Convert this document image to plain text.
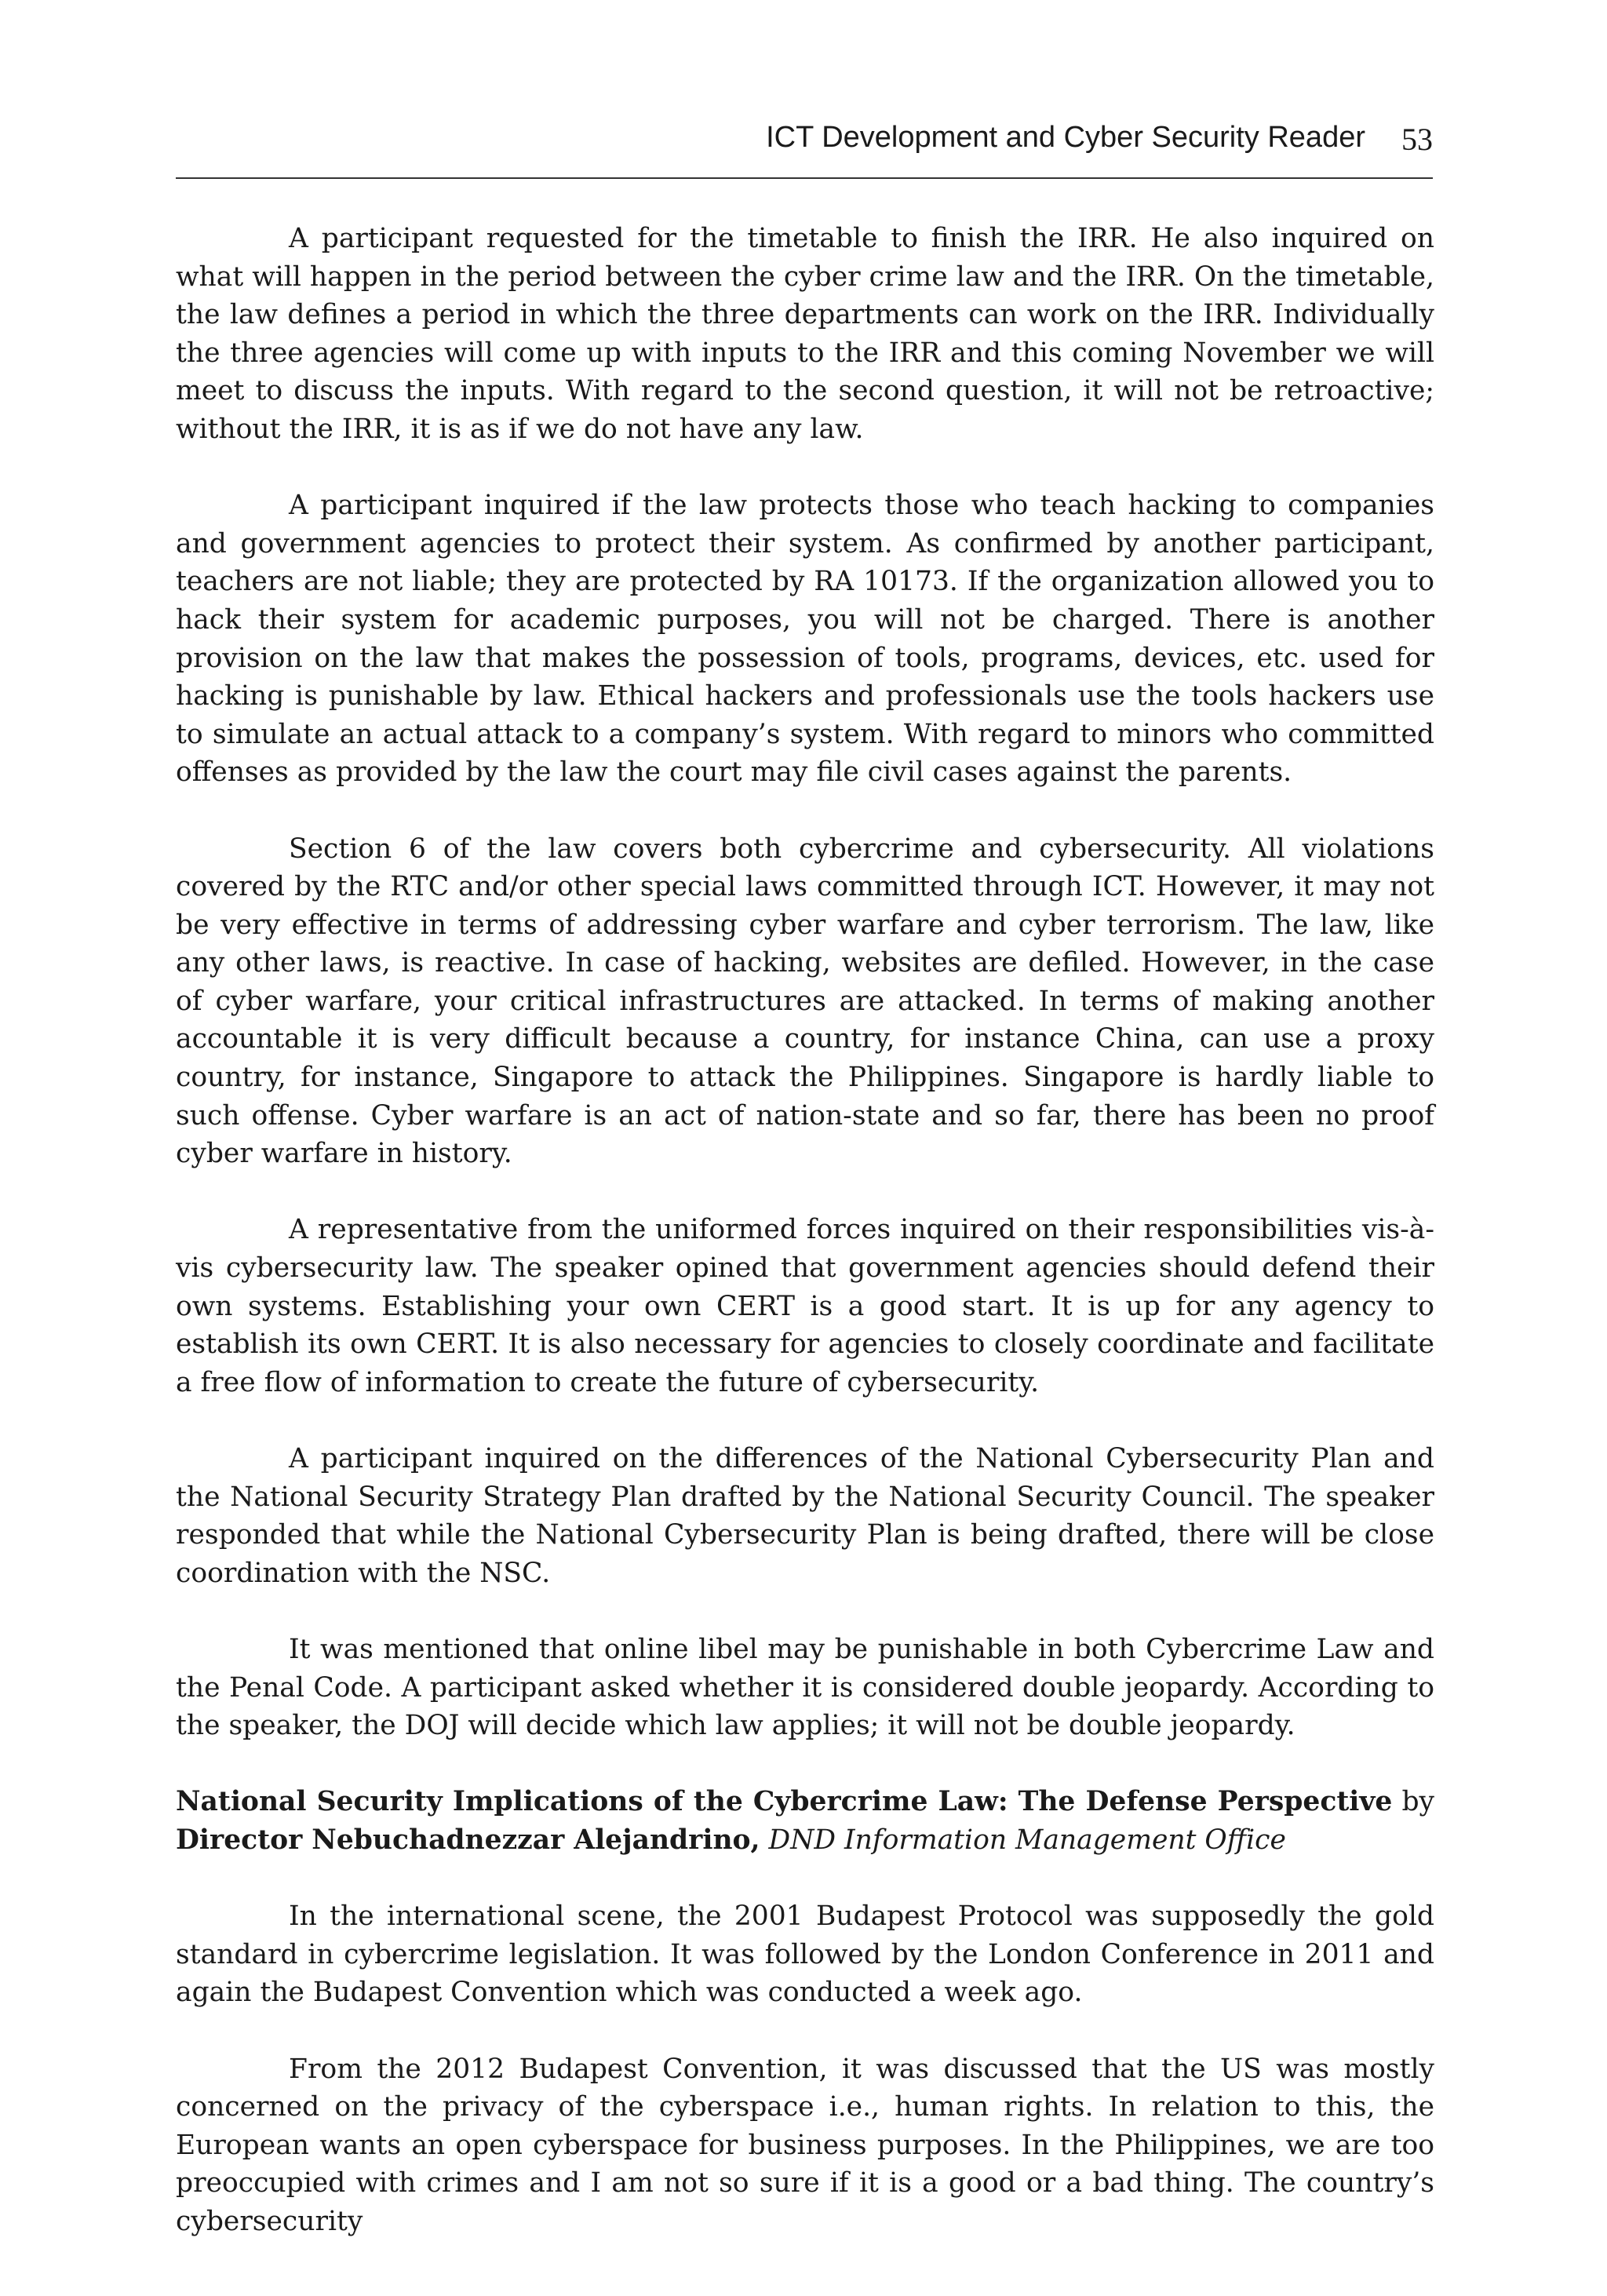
ICT Development and Cyber Security Reader 53

A participant requested for the timetable to finish the IRR. He also inquired on what will happen in the period between the cyber crime law and the IRR. On the timetable, the law defines a period in which the three departments can work on the IRR. Individually the three agencies will come up with inputs to the IRR and this coming November we will meet to discuss the inputs. With regard to the second question, it will not be retroactive; without the IRR, it is as if we do not have any law.

A participant inquired if the law protects those who teach hacking to companies and government agencies to protect their system. As confirmed by another participant, teachers are not liable; they are protected by RA 10173. If the organization allowed you to hack their system for academic purposes, you will not be charged. There is another provision on the law that makes the possession of tools, programs, devices, etc. used for hacking is punishable by law. Ethical hackers and professionals use the tools hackers use to simulate an actual attack to a company’s system. With regard to minors who committed offenses as provided by the law the court may file civil cases against the parents.

Section 6 of the law covers both cybercrime and cybersecurity. All violations covered by the RTC and/or other special laws committed through ICT. However, it may not be very effective in terms of addressing cyber warfare and cyber terrorism. The law, like any other laws, is reactive. In case of hacking, websites are defiled. However, in the case of cyber warfare, your critical infrastructures are attacked. In terms of making another accountable it is very difficult because a country, for instance China, can use a proxy country, for instance, Singapore to attack the Philippines. Singapore is hardly liable to such offense. Cyber warfare is an act of nation-state and so far, there has been no proof cyber warfare in history.

A representative from the uniformed forces inquired on their responsibilities vis-à-vis cybersecurity law. The speaker opined that government agencies should defend their own systems. Establishing your own CERT is a good start. It is up for any agency to establish its own CERT. It is also necessary for agencies to closely coordinate and facilitate a free flow of information to create the future of cybersecurity.

A participant inquired on the differences of the National Cybersecurity Plan and the National Security Strategy Plan drafted by the National Security Council. The speaker responded that while the National Cybersecurity Plan is being drafted, there will be close coordination with the NSC.

It was mentioned that online libel may be punishable in both Cybercrime Law and the Penal Code. A participant asked whether it is considered double jeopardy. According to the speaker, the DOJ will decide which law applies; it will not be double jeopardy.

National Security Implications of the Cybercrime Law: The Defense Perspective by Director Nebuchadnezzar Alejandrino, DND Information Management Office

In the international scene, the 2001 Budapest Protocol was supposedly the gold standard in cybercrime legislation. It was followed by the London Conference in 2011 and again the Budapest Convention which was conducted a week ago.

From the 2012 Budapest Convention, it was discussed that the US was mostly concerned on the privacy of the cyberspace i.e., human rights. In relation to this, the European wants an open cyberspace for business purposes. In the Philippines, we are too preoccupied with crimes and I am not so sure if it is a good or a bad thing. The country’s cybersecurity
